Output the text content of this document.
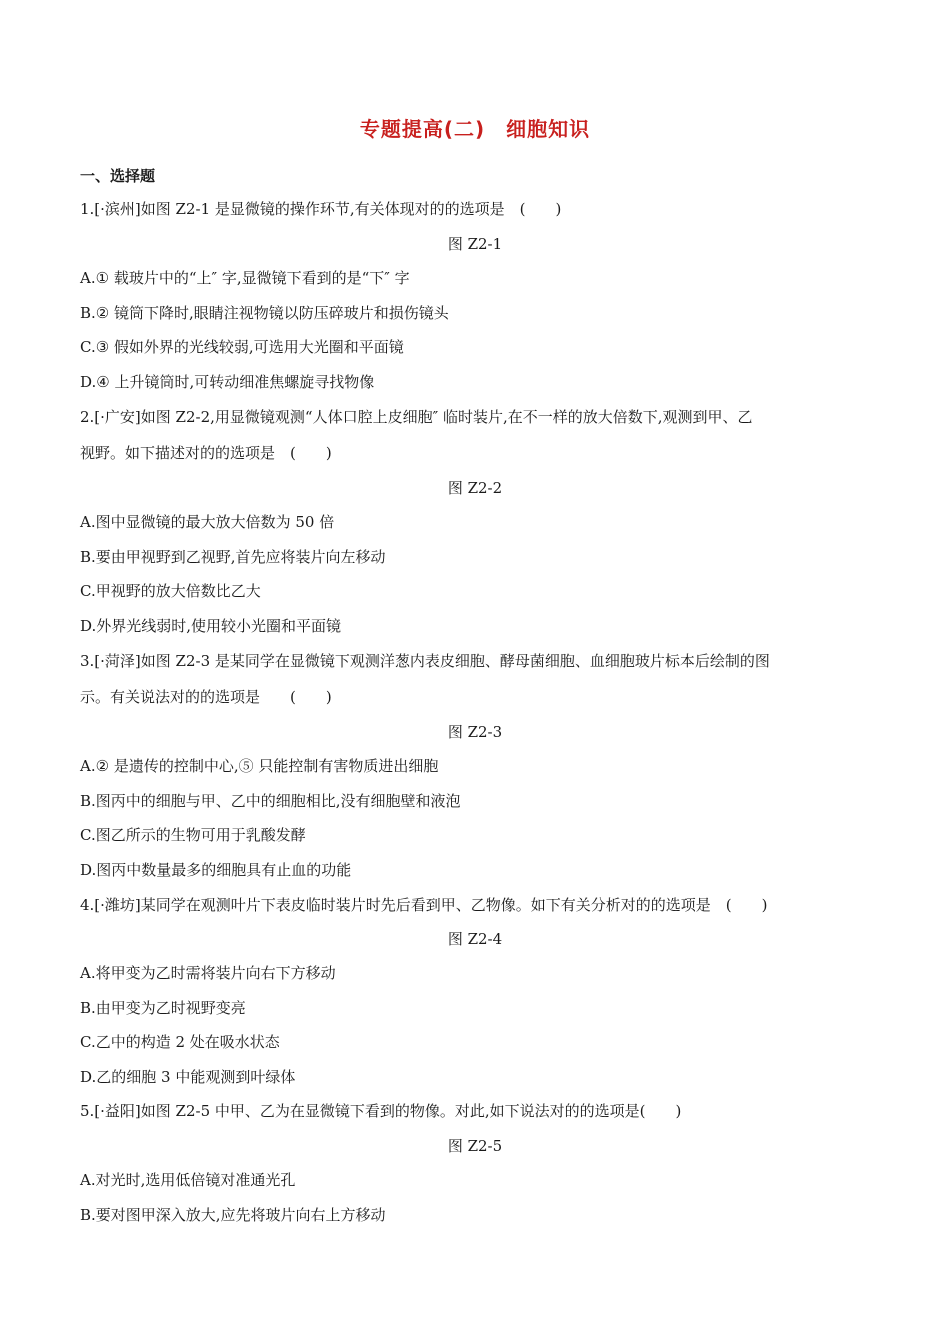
专题提高(二)　细胞知识
一、选择题
1.[·滨州]如图 Z2-1 是显微镜的操作环节,有关体现对的的选项是　(　　)
图 Z2-1
A.① 载玻片中的“上″ 字,显微镜下看到的是“下″ 字
B.② 镜筒下降时,眼睛注视物镜以防压碎玻片和损伤镜头
C.③ 假如外界的光线较弱,可选用大光圈和平面镜
D.④ 上升镜筒时,可转动细准焦螺旋寻找物像
2.[·广安]如图 Z2-2,用显微镜观测“人体口腔上皮细胞″ 临时装片,在不一样的放大倍数下,观测到甲、乙
视野。如下描述对的的选项是　(　　)
图 Z2-2
A.图中显微镜的最大放大倍数为 50 倍
B.要由甲视野到乙视野,首先应将装片向左移动
C.甲视野的放大倍数比乙大
D.外界光线弱时,使用较小光圈和平面镜
3.[·菏泽]如图 Z2-3 是某同学在显微镜下观测洋葱内表皮细胞、酵母菌细胞、血细胞玻片标本后绘制的图
示。有关说法对的的选项是　　(　　)
图 Z2-3
A.② 是遗传的控制中心,⑤ 只能控制有害物质进出细胞
B.图丙中的细胞与甲、乙中的细胞相比,没有细胞壁和液泡
C.图乙所示的生物可用于乳酸发酵
D.图丙中数量最多的细胞具有止血的功能
4.[·潍坊]某同学在观测叶片下表皮临时装片时先后看到甲、乙物像。如下有关分析对的的选项是　(　　)
图 Z2-4
A.将甲变为乙时需将装片向右下方移动
B.由甲变为乙时视野变亮
C.乙中的构造 2 处在吸水状态
D.乙的细胞 3 中能观测到叶绿体
5.[·益阳]如图 Z2-5 中甲、乙为在显微镜下看到的物像。对此,如下说法对的的选项是(　　)
图 Z2-5
A.对光时,选用低倍镜对准通光孔
B.要对图甲深入放大,应先将玻片向右上方移动
